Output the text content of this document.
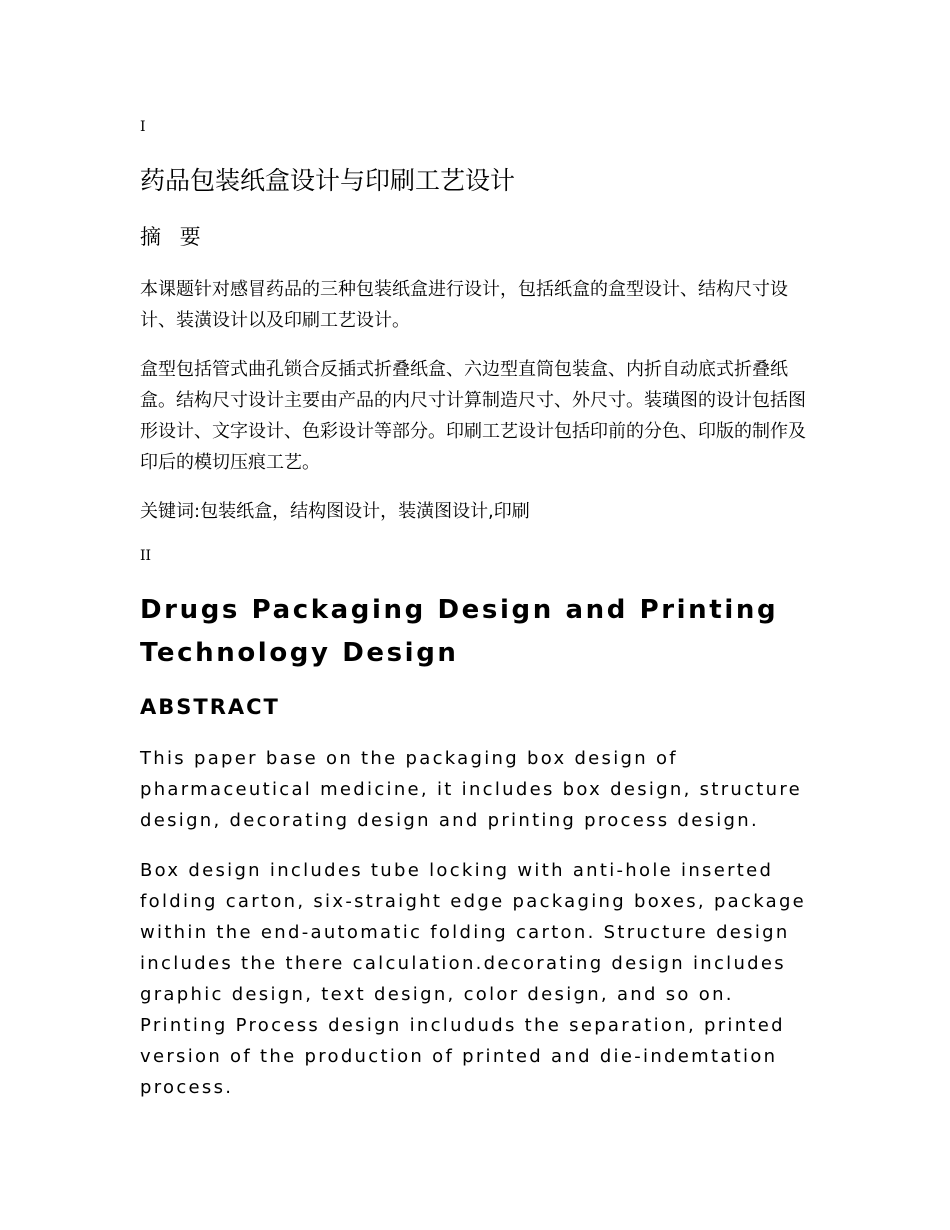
I
药品包装纸盒设计与印刷工艺设计
摘 要

本课题针对感冒药品的三种包装纸盒进行设计，包括纸盒的盒型设计、结构尺寸设计、装潢设计以及印刷工艺设计。

盒型包括管式曲孔锁合反插式折叠纸盒、六边型直筒包装盒、内折自动底式折叠纸盒。结构尺寸设计主要由产品的内尺寸计算制造尺寸、外尺寸。装璜图的设计包括图形设计、文字设计、色彩设计等部分。印刷工艺设计包括印前的分色、印版的制作及印后的模切压痕工艺。

关键词:包装纸盒，结构图设计，装潢图设计,印刷

II
Drugs Packaging Design and Printing Technology Design
ABSTRACT

This paper base on the packaging box design of pharmaceutical medicine, it includes box design, structure design, decorating design and printing process design.

Box design includes tube locking with anti-hole inserted folding carton, six-straight edge packaging boxes, package within the end-automatic folding carton. Structure design includes the there calculation.decorating design includes graphic design, text design, color design, and so on. Printing Process design includuds the separation, printed version of the production of printed and die-indemtation process.
